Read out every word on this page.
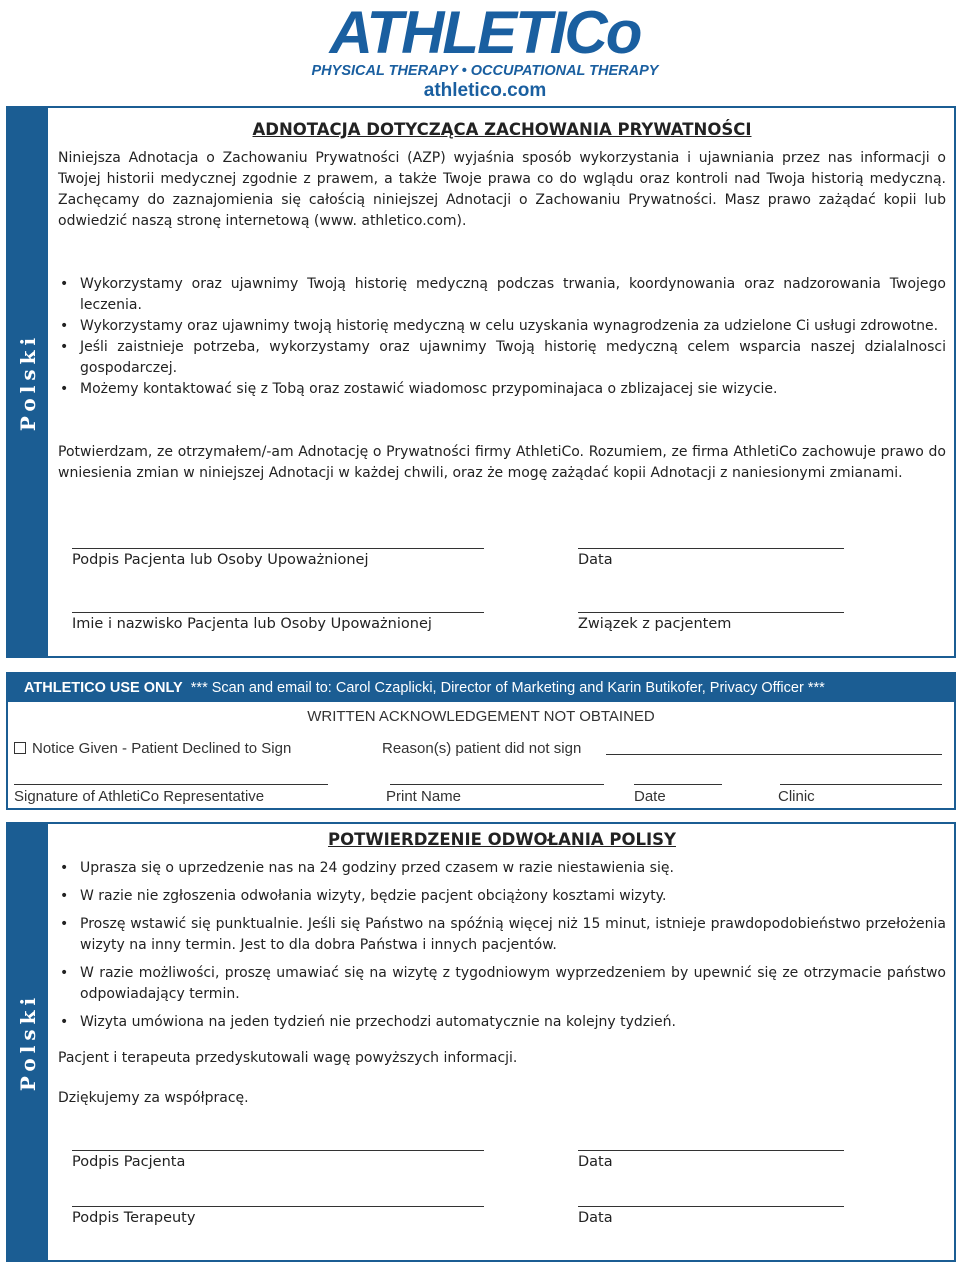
ATHLETICo
PHYSICAL THERAPY • OCCUPATIONAL THERAPY
athletico.com
Polski
ADNOTACJA DOTYCZĄCA ZACHOWANIA PRYWATNOŚCI
Niniejsza Adnotacja o Zachowaniu Prywatności (AZP) wyjaśnia sposób wykorzystania i ujawniania przez nas informacji o Twojej historii medycznej zgodnie z prawem, a także Twoje prawa co do wglądu oraz kontroli nad Twoja historią medyczną. Zachęcamy do zaznajomienia się całością niniejszej Adnotacji o Zachowaniu Prywatności. Masz prawo zażądać kopii lub odwiedzić naszą stronę internetową (www. athletico.com).
• Wykorzystamy oraz ujawnimy Twoją historię medyczną podczas trwania, koordynowania oraz nadzorowania Twojego leczenia.
• Wykorzystamy oraz ujawnimy twoją historię medyczną w celu uzyskania wynagrodzenia za udzielone Ci usługi zdrowotne.
• Jeśli zaistnieje potrzeba, wykorzystamy oraz ujawnimy Twoją historię medyczną celem wsparcia naszej dzialalnosci gospodarczej.
• Możemy kontaktować się z Tobą oraz zostawić wiadomosc przypominajaca o zblizajacej sie wizycie.
Potwierdzam, ze otrzymałem/-am Adnotację o Prywatności firmy AthletiCo. Rozumiem, ze firma AthletiCo zachowuje prawo do wniesienia zmian w niniejszej Adnotacji w każdej chwili, oraz że mogę zażądać kopii Adnotacji z naniesionymi zmianami.
Podpis Pacjenta lub Osoby Upoważnionej	Data
Imie i nazwisko Pacjenta lub Osoby Upoważnionej	Związek z pacjentem
ATHLETICO USE ONLY *** Scan and email to: Carol Czaplicki, Director of Marketing and Karin Butikofer, Privacy Officer ***
WRITTEN ACKNOWLEDGEMENT NOT OBTAINED
Notice Given - Patient Declined to Sign	Reason(s) patient did not sign
Signature of AthletiCo Representative	Print Name	Date	Clinic
Polski
POTWIERDZENIE ODWOŁANIA POLISY
• Uprasza się o uprzedzenie nas na 24 godziny przed czasem w razie niestawienia się.
• W razie nie zgłoszenia odwołania wizyty, będzie pacjent obciążony kosztami wizyty.
• Proszę wstawić się punktualnie. Jeśli się Państwo na spóźnią więcej niż 15 minut, istnieje prawdopodobieństwo przełożenia wizyty na inny termin. Jest to dla dobra Państwa i innych pacjentów.
• W razie możliwości, proszę umawiać się na wizytę z tygodniowym wyprzedzeniem by upewnić się ze otrzymacie państwo odpowiadający termin.
• Wizyta umówiona na jeden tydzień nie przechodzi automatycznie na kolejny tydzień.
Pacjent i terapeuta przedyskutowali wagę powyższych informacji.
Dziękujemy za współpracę.
Podpis Pacjenta	Data
Podpis Terapeuty	Data
